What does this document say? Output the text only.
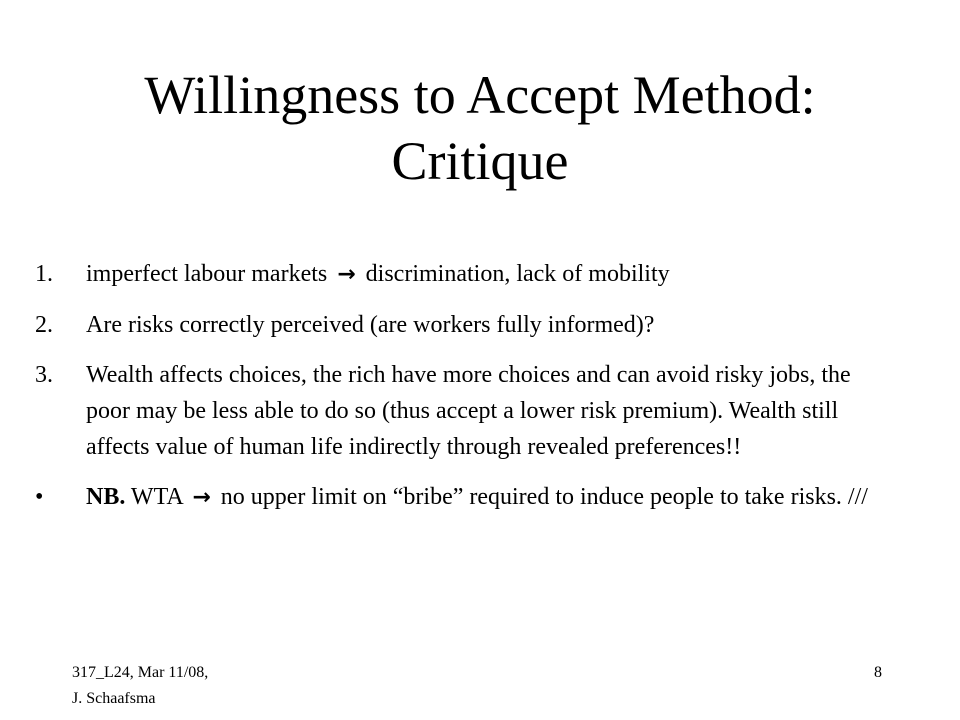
Willingness to Accept Method:
Critique
1.	imperfect labour markets → discrimination, lack of mobility
2.	Are risks correctly perceived (are workers fully informed)?
3.	Wealth affects choices, the rich have more choices and can avoid risky jobs, the poor may be less able to do so (thus accept a lower risk premium). Wealth still affects value of human life indirectly through revealed preferences!!
•	NB. WTA → no upper limit on “bribe” required to induce people to take risks. ///
317_L24, Mar 11/08,
J. Schaafsma
8
